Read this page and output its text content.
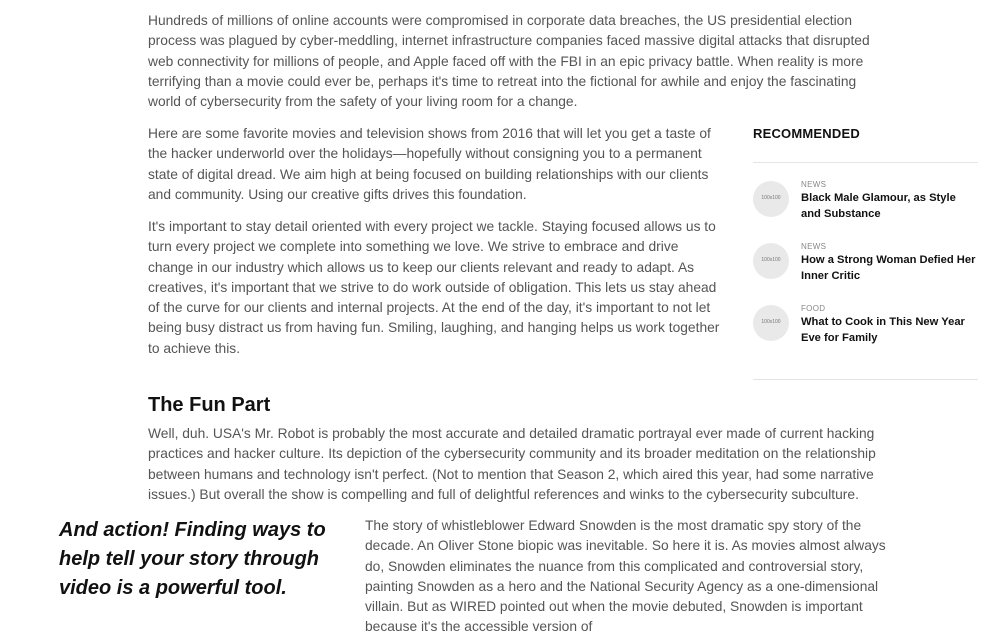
Hundreds of millions of online accounts were compromised in corporate data breaches, the US presidential election process was plagued by cyber-meddling, internet infrastructure companies faced massive digital attacks that disrupted web connectivity for millions of people, and Apple faced off with the FBI in an epic privacy battle. When reality is more terrifying than a movie could ever be, perhaps it's time to retreat into the fictional for awhile and enjoy the fascinating world of cybersecurity from the safety of your living room for a change.

Here are some favorite movies and television shows from 2016 that will let you get a taste of the hacker underworld over the holidays—hopefully without consigning you to a permanent state of digital dread. We aim high at being focused on building relationships with our clients and community. Using our creative gifts drives this foundation.

It's important to stay detail oriented with every project we tackle. Staying focused allows us to turn every project we complete into something we love. We strive to embrace and drive change in our industry which allows us to keep our clients relevant and ready to adapt. As creatives, it's important that we strive to do work outside of obligation. This lets us stay ahead of the curve for our clients and internal projects. At the end of the day, it's important to not let being busy distract us from having fun. Smiling, laughing, and hanging helps us work together to achieve this.

The Fun Part

Well, duh. USA's Mr. Robot is probably the most accurate and detailed dramatic portrayal ever made of current hacking practices and hacker culture. Its depiction of the cybersecurity community and its broader meditation on the relationship between humans and technology isn't perfect. (Not to mention that Season 2, which aired this year, had some narrative issues.) But overall the show is compelling and full of delightful references and winks to the cybersecurity subculture.

And action! Finding ways to help tell your story through video is a powerful tool.

The story of whistleblower Edward Snowden is the most dramatic spy story of the decade. An Oliver Stone biopic was inevitable. So here it is. As movies almost always do, Snowden eliminates the nuance from this complicated and controversial story, painting Snowden as a hero and the National Security Agency as a one-dimensional villain. But as WIRED pointed out when the movie debuted, Snowden is important because it's the accessible version of

RECOMMENDED
100x100
NEWS
Black Male Glamour, as Style and Substance
100x100
NEWS
How a Strong Woman Defied Her Inner Critic
100x100
FOOD
What to Cook in This New Year Eve for Family
